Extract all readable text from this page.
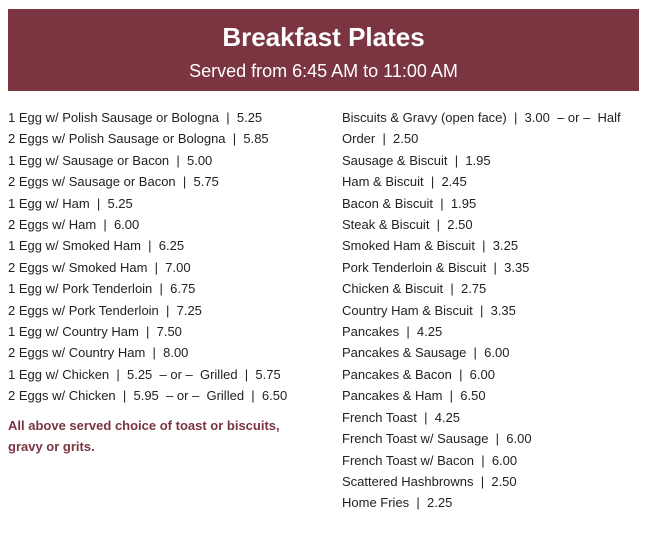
Breakfast Plates
Served from 6:45 AM to 11:00 AM
1 Egg w/ Polish Sausage or Bologna  |  5.25
2 Eggs w/ Polish Sausage or Bologna  |  5.85
1 Egg w/ Sausage or Bacon  |  5.00
2 Eggs w/ Sausage or Bacon  |  5.75
1 Egg w/ Ham  |  5.25
2 Eggs w/ Ham  |  6.00
1 Egg w/ Smoked Ham  |  6.25
2 Eggs w/ Smoked Ham  |  7.00
1 Egg w/ Pork Tenderloin  |  6.75
2 Eggs w/ Pork Tenderloin  |  7.25
1 Egg w/ Country Ham  |  7.50
2 Eggs w/ Country Ham  |  8.00
1 Egg w/ Chicken  |  5.25  – or –  Grilled  |  5.75
2 Eggs w/ Chicken  |  5.95  – or –  Grilled  |  6.50
All above served choice of toast or biscuits, gravy or grits.
Biscuits & Gravy (open face)  |  3.00  – or –  Half Order  |  2.50
Sausage & Biscuit  |  1.95
Ham & Biscuit  |  2.45
Bacon & Biscuit  |  1.95
Steak & Biscuit  |  2.50
Smoked Ham & Biscuit  |  3.25
Pork Tenderloin & Biscuit  |  3.35
Chicken & Biscuit  |  2.75
Country Ham & Biscuit  |  3.35
Pancakes  |  4.25
Pancakes & Sausage  |  6.00
Pancakes & Bacon  |  6.00
Pancakes & Ham  |  6.50
French Toast  |  4.25
French Toast w/ Sausage  |  6.00
French Toast w/ Bacon  |  6.00
Scattered Hashbrowns  |  2.50
Home Fries  |  2.25
